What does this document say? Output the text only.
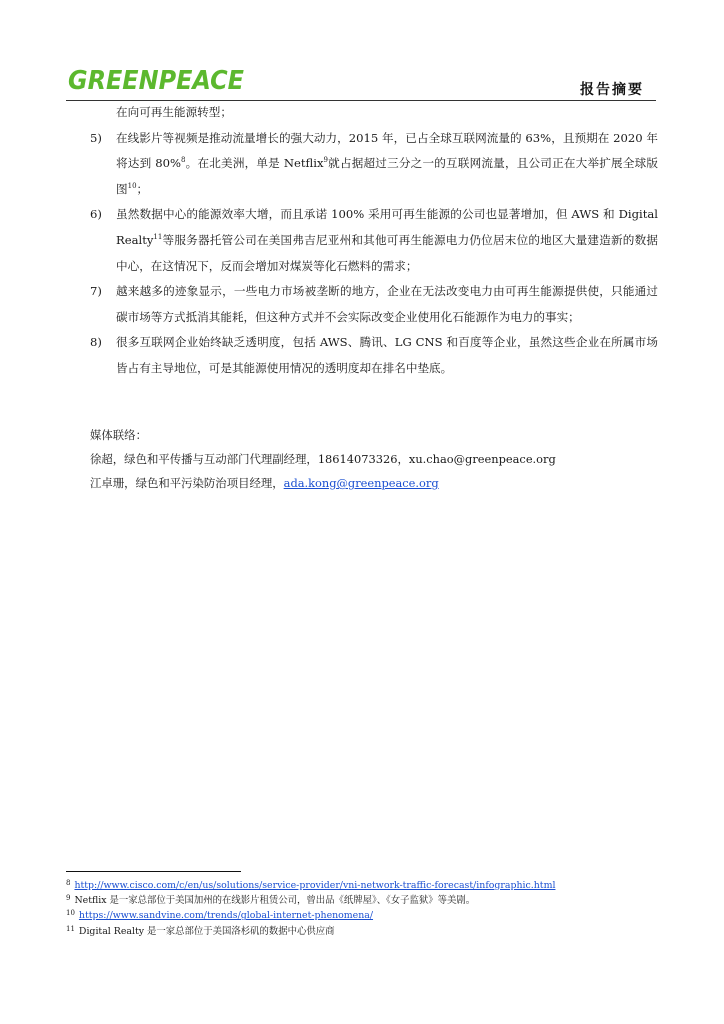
GREENPEACE	报告摘要
在向可再生能源转型；
5)	在线影片等视频是推动流量增长的强大动力，2015 年，已占全球互联网流量的 63%，且预期在 2020 年将达到 80%$^8$。在北美洲，单是 Netflix$^9$就占据超过三分之一的互联网流量，且公司正在大举扩展全球版图$^{10}$；
6)	虽然数据中心的能源效率大增，而且承诺 100% 采用可再生能源的公司也显著增加，但 AWS 和 Digital Realty$^{11}$等服务器托管公司在美国弗吉尼亚州和其他可再生能源电力仍位居末位的地区大量建造新的数据中心，在这情况下，反而会增加对煤炭等化石燃料的需求；
7)	越来越多的迹象显示，一些电力市场被垄断的地方，企业在无法改变电力由可再生能源提供使，只能通过碳市场等方式抵消其能耗，但这种方式并不会实际改变企业使用化石能源作为电力的事实；
8)	很多互联网企业始终缺乏透明度，包括 AWS、腾讯、LG CNS 和百度等企业，虽然这些企业在所属市场皆占有主导地位，可是其能源使用情况的透明度却在排名中垫底。
媒体联络：
徐超，绿色和平传播与互动部门代理副经理，18614073326，xu.chao@greenpeace.org
江卓珊，绿色和平污染防治项目经理，ada.kong@greenpeace.org
$^8$ http://www.cisco.com/c/en/us/solutions/service-provider/vni-network-traffic-forecast/infographic.html
$^9$ Netflix 是一家总部位于美国加州的在线影片租赁公司，曾出品《纸牌屋》、《女子监狱》等美剧。
$^{10}$ https://www.sandvine.com/trends/global-internet-phenomena/
$^{11}$ Digital Realty 是一家总部位于美国洛杉矶的数据中心供应商
